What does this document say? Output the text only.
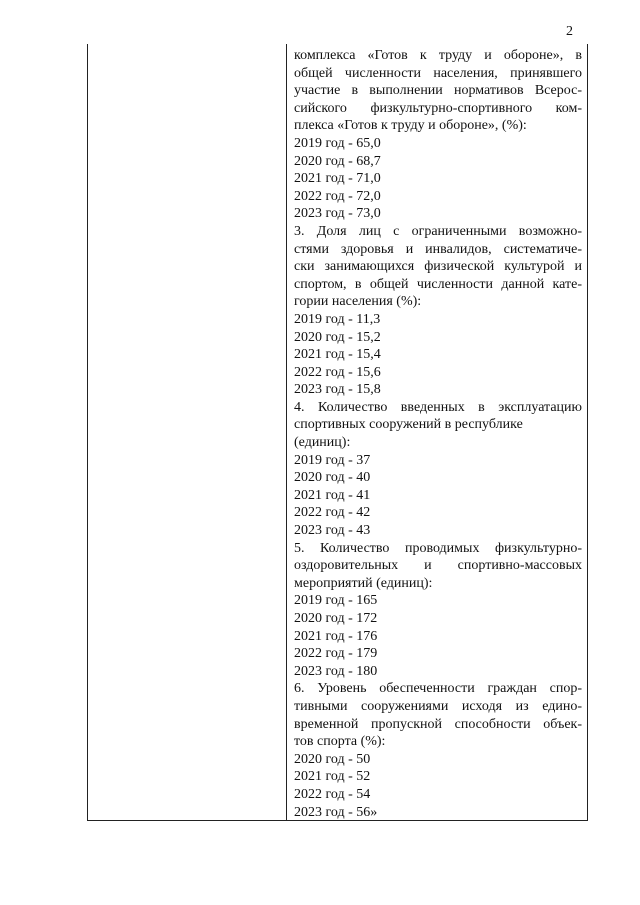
2
комплекса «Готов к труду и обороне», в
общей численности населения, принявшего
участие в выполнении нормативов Всерос-
сийского физкультурно-спортивного ком-
плекса «Готов к труду и обороне», (%):
2019 год - 65,0
2020 год - 68,7
2021 год - 71,0
2022 год - 72,0
2023 год - 73,0
3. Доля лиц с ограниченными возможно-
стями здоровья и инвалидов, систематиче-
ски занимающихся физической культурой и
спортом, в общей численности данной кате-
гории населения (%):
2019 год - 11,3
2020 год - 15,2
2021 год - 15,4
2022 год - 15,6
2023 год - 15,8
4. Количество введенных в эксплуатацию
спортивных сооружений в республике
(единиц):
2019 год - 37
2020 год - 40
2021 год - 41
2022 год - 42
2023 год - 43
5. Количество проводимых физкультурно-
оздоровительных и спортивно-массовых
мероприятий (единиц):
2019 год - 165
2020 год - 172
2021 год - 176
2022 год - 179
2023 год - 180
6. Уровень обеспеченности граждан спор-
тивными сооружениями исходя из едино-
временной пропускной способности объек-
тов спорта (%):
2020 год - 50
2021 год - 52
2022 год - 54
2023 год - 56»
